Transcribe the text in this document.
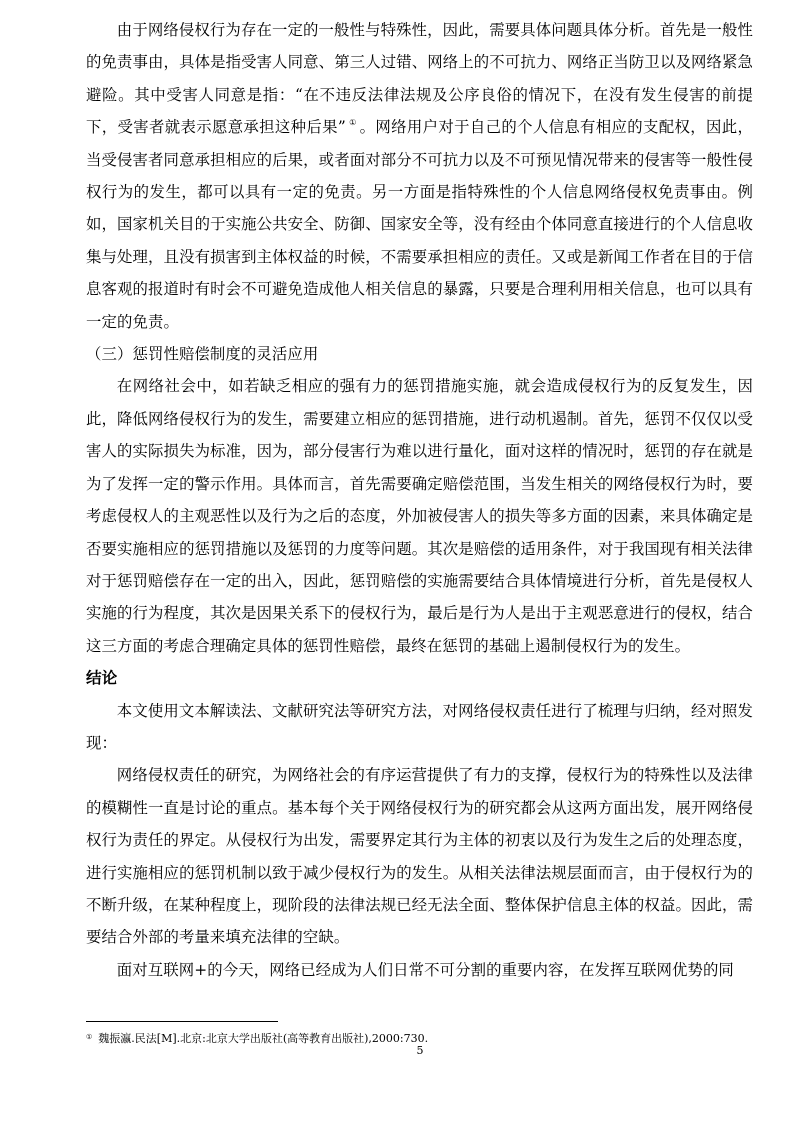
由于网络侵权行为存在一定的一般性与特殊性，因此，需要具体问题具体分析。首先是一般性的免责事由，具体是指受害人同意、第三人过错、网络上的不可抗力、网络正当防卫以及网络紧急避险。其中受害人同意是指：“在不违反法律法规及公序良俗的情况下，在没有发生侵害的前提下，受害者就表示愿意承担这种后果” ① 。网络用户对于自己的个人信息有相应的支配权，因此，当受侵害者同意承担相应的后果，或者面对部分不可抗力以及不可预见情况带来的侵害等一般性侵权行为的发生，都可以具有一定的免责。另一方面是指特殊性的个人信息网络侵权免责事由。例如，国家机关目的于实施公共安全、防御、国家安全等，没有经由个体同意直接进行的个人信息收集与处理，且没有损害到主体权益的时候，不需要承担相应的责任。又或是新闻工作者在目的于信息客观的报道时有时会不可避免造成他人相关信息的暴露，只要是合理利用相关信息，也可以具有一定的免责。

（三）惩罚性赔偿制度的灵活应用

在网络社会中，如若缺乏相应的强有力的惩罚措施实施，就会造成侵权行为的反复发生，因此，降低网络侵权行为的发生，需要建立相应的惩罚措施，进行动机遏制。首先，惩罚不仅仅以受害人的实际损失为标准，因为，部分侵害行为难以进行量化，面对这样的情况时，惩罚的存在就是为了发挥一定的警示作用。具体而言，首先需要确定赔偿范围，当发生相关的网络侵权行为时，要考虑侵权人的主观恶性以及行为之后的态度，外加被侵害人的损失等多方面的因素，来具体确定是否要实施相应的惩罚措施以及惩罚的力度等问题。其次是赔偿的适用条件，对于我国现有相关法律对于惩罚赔偿存在一定的出入，因此，惩罚赔偿的实施需要结合具体情境进行分析，首先是侵权人实施的行为程度，其次是因果关系下的侵权行为，最后是行为人是出于主观恶意进行的侵权，结合这三方面的考虑合理确定具体的惩罚性赔偿，最终在惩罚的基础上遏制侵权行为的发生。

结论

本文使用文本解读法、文献研究法等研究方法，对网络侵权责任进行了梳理与归纳，经对照发现：

网络侵权责任的研究，为网络社会的有序运营提供了有力的支撑，侵权行为的特殊性以及法律的模糊性一直是讨论的重点。基本每个关于网络侵权行为的研究都会从这两方面出发，展开网络侵权行为责任的界定。从侵权行为出发，需要界定其行为主体的初衷以及行为发生之后的处理态度，进行实施相应的惩罚机制以致于减少侵权行为的发生。从相关法律法规层面而言，由于侵权行为的不断升级，在某种程度上，现阶段的法律法规已经无法全面、整体保护信息主体的权益。因此，需要结合外部的考量来填充法律的空缺。

面对互联网+的今天，网络已经成为人们日常不可分割的重要内容，在发挥互联网优势的同

① 魏振瀛.民法[M].北京:北京大学出版社(高等教育出版社),2000:730.
5
